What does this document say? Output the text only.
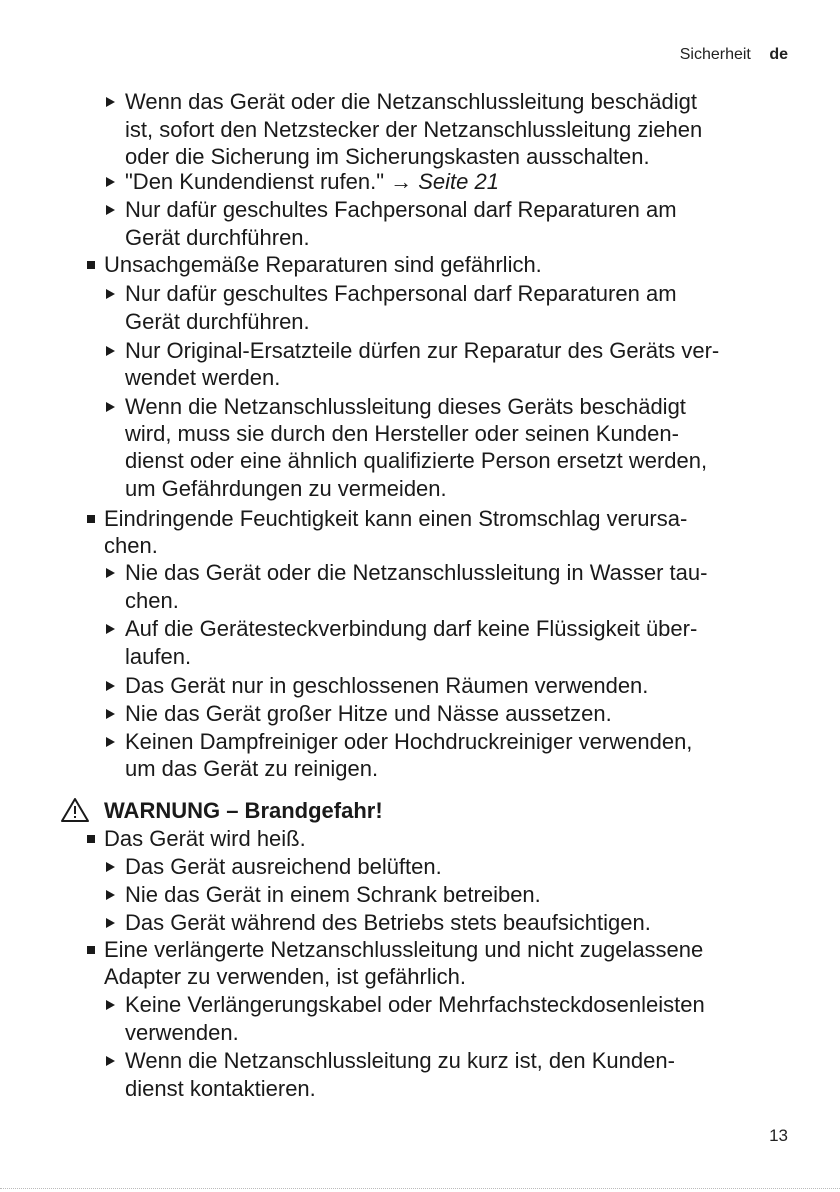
Sicherheit de
Wenn das Gerät oder die Netzanschlussleitung beschädigt
ist, sofort den Netzstecker der Netzanschlussleitung ziehen
oder die Sicherung im Sicherungskasten ausschalten.
"Den Kundendienst rufen." → Seite 21
Nur dafür geschultes Fachpersonal darf Reparaturen am
Gerät durchführen.
Unsachgemäße Reparaturen sind gefährlich.
Nur dafür geschultes Fachpersonal darf Reparaturen am
Gerät durchführen.
Nur Original-Ersatzteile dürfen zur Reparatur des Geräts ver-
wendet werden.
Wenn die Netzanschlussleitung dieses Geräts beschädigt
wird, muss sie durch den Hersteller oder seinen Kunden-
dienst oder eine ähnlich qualifizierte Person ersetzt werden,
um Gefährdungen zu vermeiden.
Eindringende Feuchtigkeit kann einen Stromschlag verursa-
chen.
Nie das Gerät oder die Netzanschlussleitung in Wasser tau-
chen.
Auf die Gerätesteckverbindung darf keine Flüssigkeit über-
laufen.
Das Gerät nur in geschlossenen Räumen verwenden.
Nie das Gerät großer Hitze und Nässe aussetzen.
Keinen Dampfreiniger oder Hochdruckreiniger verwenden,
um das Gerät zu reinigen.
WARNUNG – Brandgefahr!
Das Gerät wird heiß.
Das Gerät ausreichend belüften.
Nie das Gerät in einem Schrank betreiben.
Das Gerät während des Betriebs stets beaufsichtigen.
Eine verlängerte Netzanschlussleitung und nicht zugelassene
Adapter zu verwenden, ist gefährlich.
Keine Verlängerungskabel oder Mehrfachsteckdosenleisten
verwenden.
Wenn die Netzanschlussleitung zu kurz ist, den Kunden-
dienst kontaktieren.
13
